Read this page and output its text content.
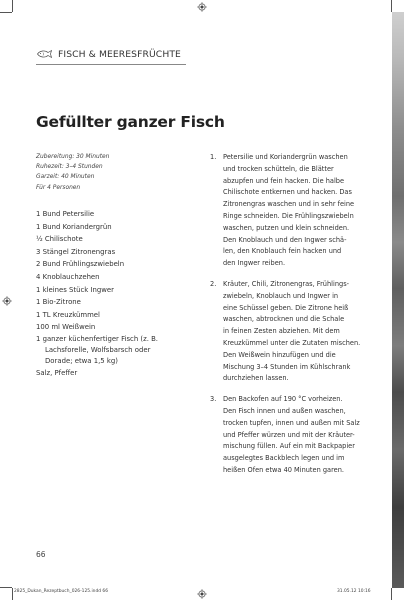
FISCH & MEERESFRÜCHTE
Gefüllter ganzer Fisch
Zubereitung: 30 Minuten
Ruhezeit: 3–4 Stunden
Garzeit: 40 Minuten
Für 4 Personen
1 Bund Petersilie
1 Bund Koriandergrün
½ Chilischote
3 Stängel Zitronengras
2 Bund Frühlingszwiebeln
4 Knoblauchzehen
1 kleines Stück Ingwer
1 Bio-Zitrone
1 TL Kreuzkümmel
100 ml Weißwein
1 ganzer küchenfertiger Fisch (z. B.
Lachsforelle, Wolfsbarsch oder
Dorade; etwa 1,5 kg)
Salz, Pfeffer
1.	Petersilie und Koriandergrün waschen
und trocken schütteln, die Blätter
abzupfen und fein hacken. Die halbe
Chilischote entkernen und hacken. Das
Zitronengras waschen und in sehr feine
Ringe schneiden. Die Frühlingszwiebeln
waschen, putzen und klein schneiden.
Den Knoblauch und den Ingwer schä-
len, den Knoblauch fein hacken und
den Ingwer reiben.
2.	Kräuter, Chili, Zitronengras, Frühlings-
zwiebeln, Knoblauch und Ingwer in
eine Schüssel geben. Die Zitrone heiß
waschen, abtrocknen und die Schale
in feinen Zesten abziehen. Mit dem
Kreuzkümmel unter die Zutaten mischen.
Den Weißwein hinzufügen und die
Mischung 3–4 Stunden im Kühlschrank
durchziehen lassen.
3.	Den Backofen auf 190 °C vorheizen.
Den Fisch innen und außen waschen,
trocken tupfen, innen und außen mit Salz
und Pfeffer würzen und mit der Kräuter-
mischung füllen. Auf ein mit Backpapier
ausgelegtes Backblech legen und im
heißen Ofen etwa 40 Minuten garen.
66
2825_Dukan_Rezeptbuch_026-125.indd 66	31.05.12 10:16
